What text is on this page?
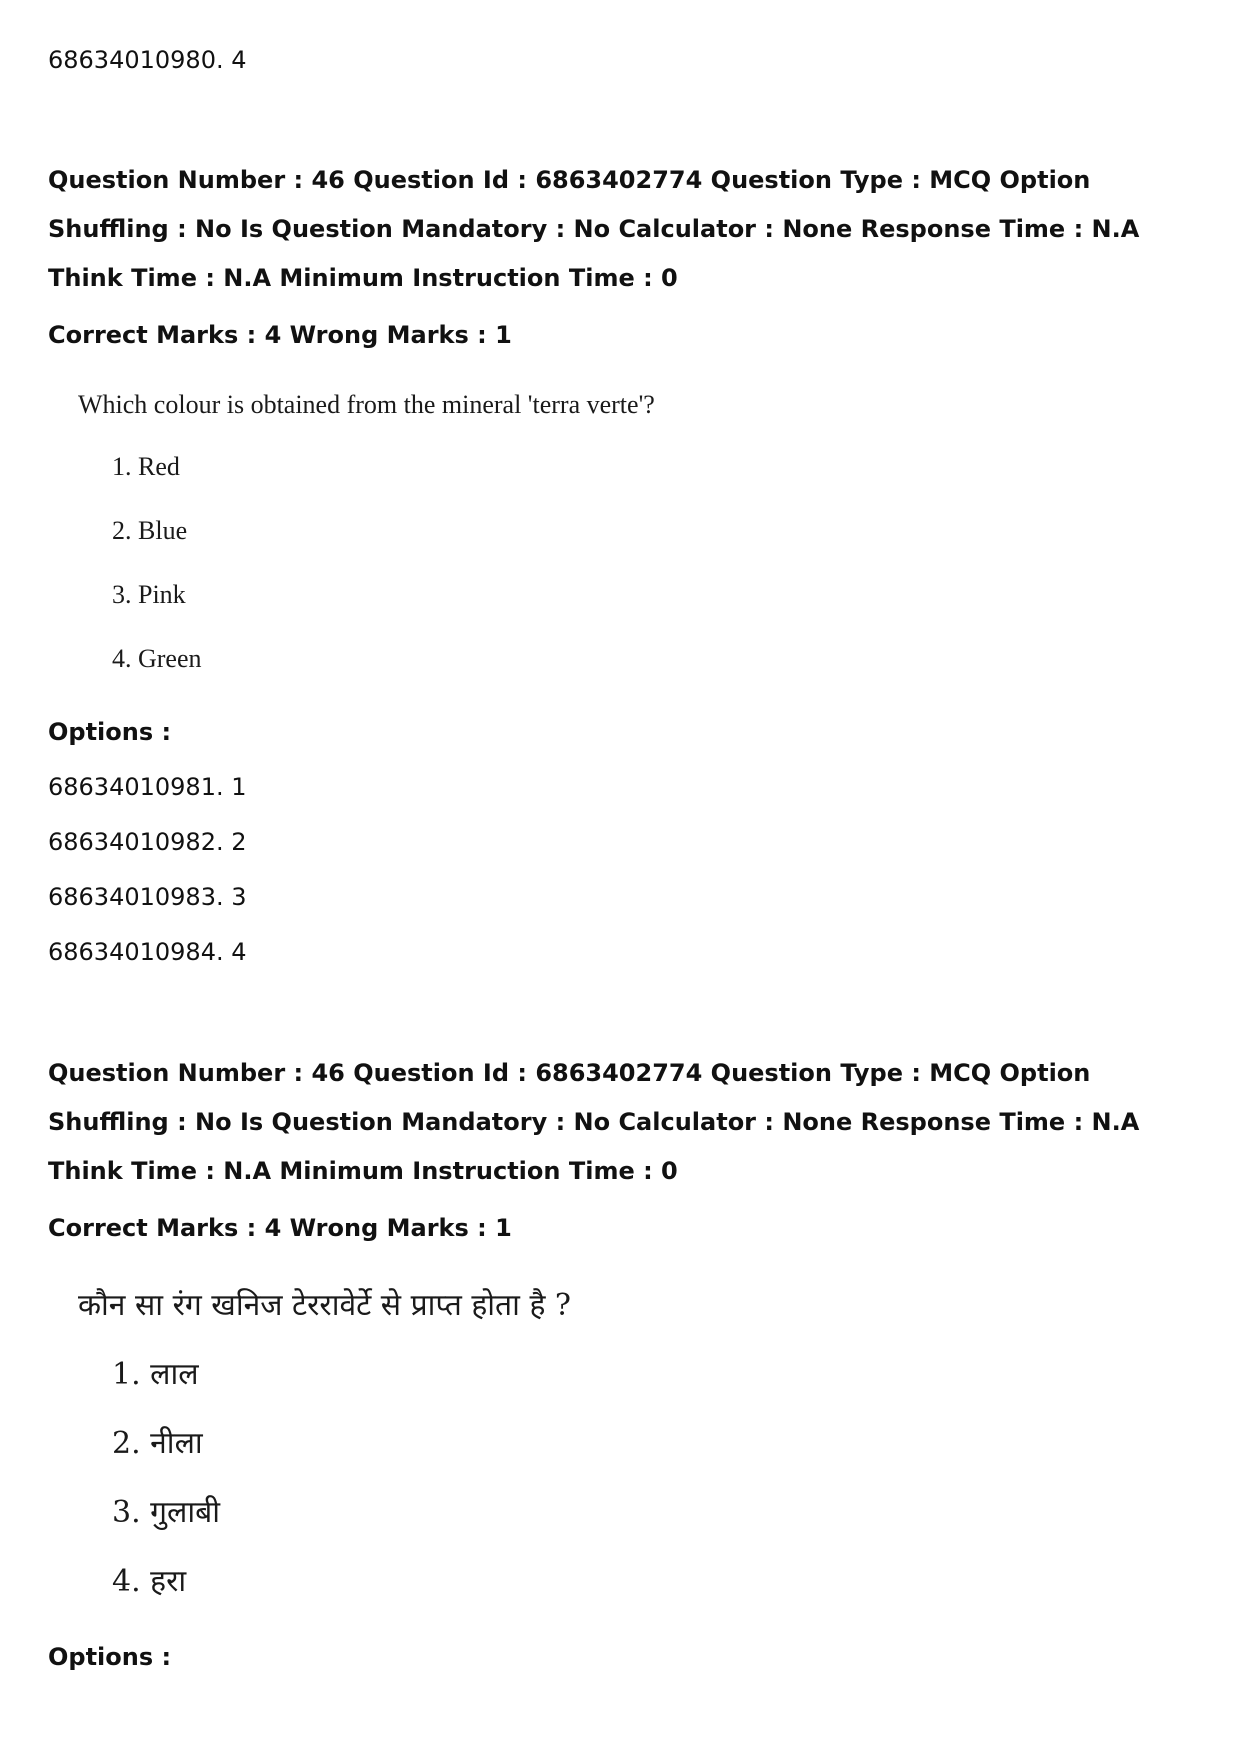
68634010980. 4
Question Number : 46 Question Id : 6863402774 Question Type : MCQ Option Shuffling : No Is Question Mandatory : No Calculator : None Response Time : N.A Think Time : N.A Minimum Instruction Time : 0
Correct Marks : 4 Wrong Marks : 1
Which colour is obtained from the mineral 'terra verte'?
1. Red
2. Blue
3. Pink
4. Green
Options :
68634010981. 1
68634010982. 2
68634010983. 3
68634010984. 4
Question Number : 46 Question Id : 6863402774 Question Type : MCQ Option Shuffling : No Is Question Mandatory : No Calculator : None Response Time : N.A Think Time : N.A Minimum Instruction Time : 0
Correct Marks : 4 Wrong Marks : 1
कौन सा रंग खनिज टेररावेर्टे से प्राप्त होता है ?
1. लाल
2. नीला
3. गुलाबी
4. हरा
Options :
